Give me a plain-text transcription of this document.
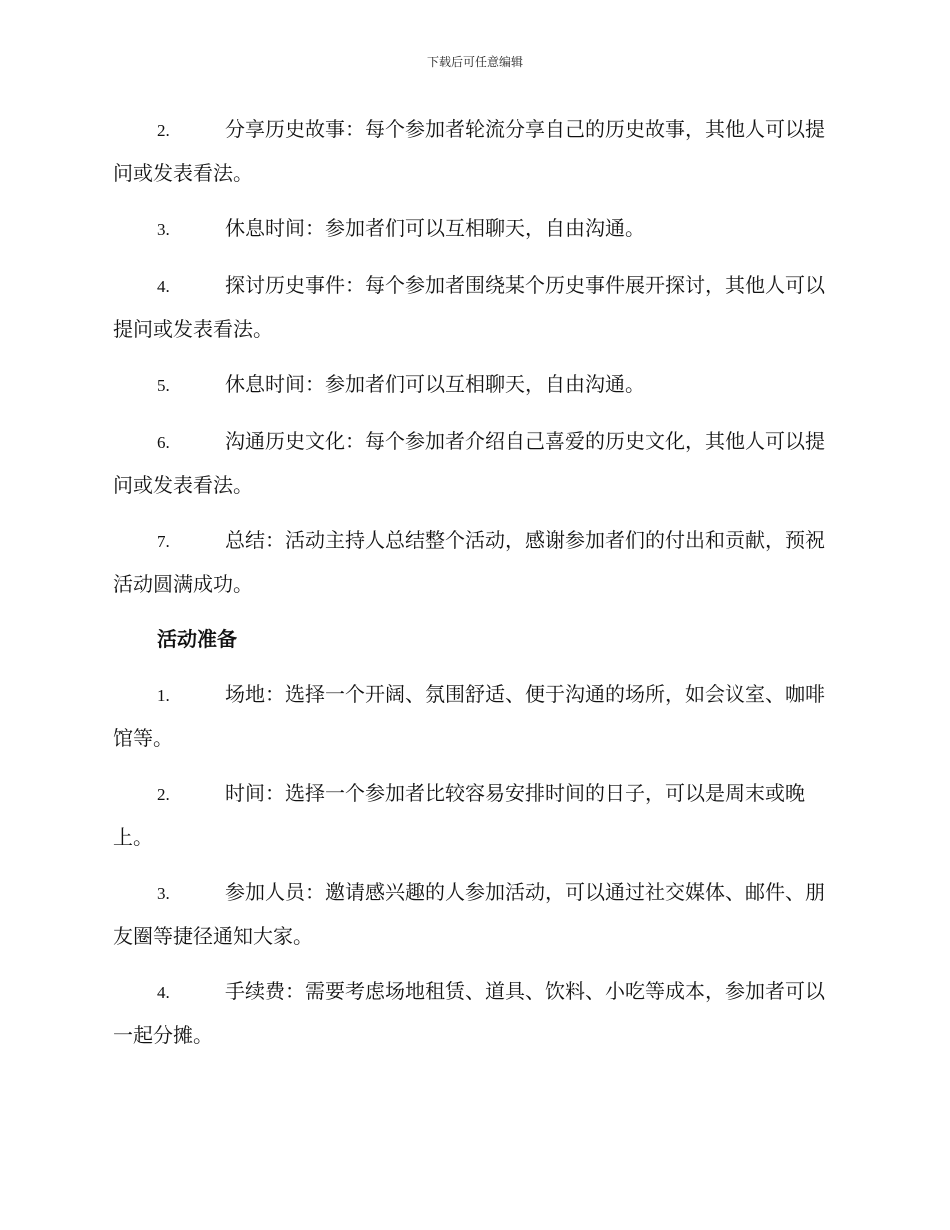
下载后可任意编辑

2.	分享历史故事：每个参加者轮流分享自己的历史故事，其他人可以提问或发表看法。

3.	休息时间：参加者们可以互相聊天，自由沟通。

4.	探讨历史事件：每个参加者围绕某个历史事件展开探讨，其他人可以提问或发表看法。

5.	休息时间：参加者们可以互相聊天，自由沟通。

6.	沟通历史文化：每个参加者介绍自己喜爱的历史文化，其他人可以提问或发表看法。

7.	总结：活动主持人总结整个活动，感谢参加者们的付出和贡献，预祝活动圆满成功。

活动准备

1.	场地：选择一个开阔、氛围舒适、便于沟通的场所，如会议室、咖啡馆等。

2.	时间：选择一个参加者比较容易安排时间的日子，可以是周末或晚上。

3.	参加人员：邀请感兴趣的人参加活动，可以通过社交媒体、邮件、朋友圈等捷径通知大家。

4.	手续费：需要考虑场地租赁、道具、饮料、小吃等成本，参加者可以一起分摊。
